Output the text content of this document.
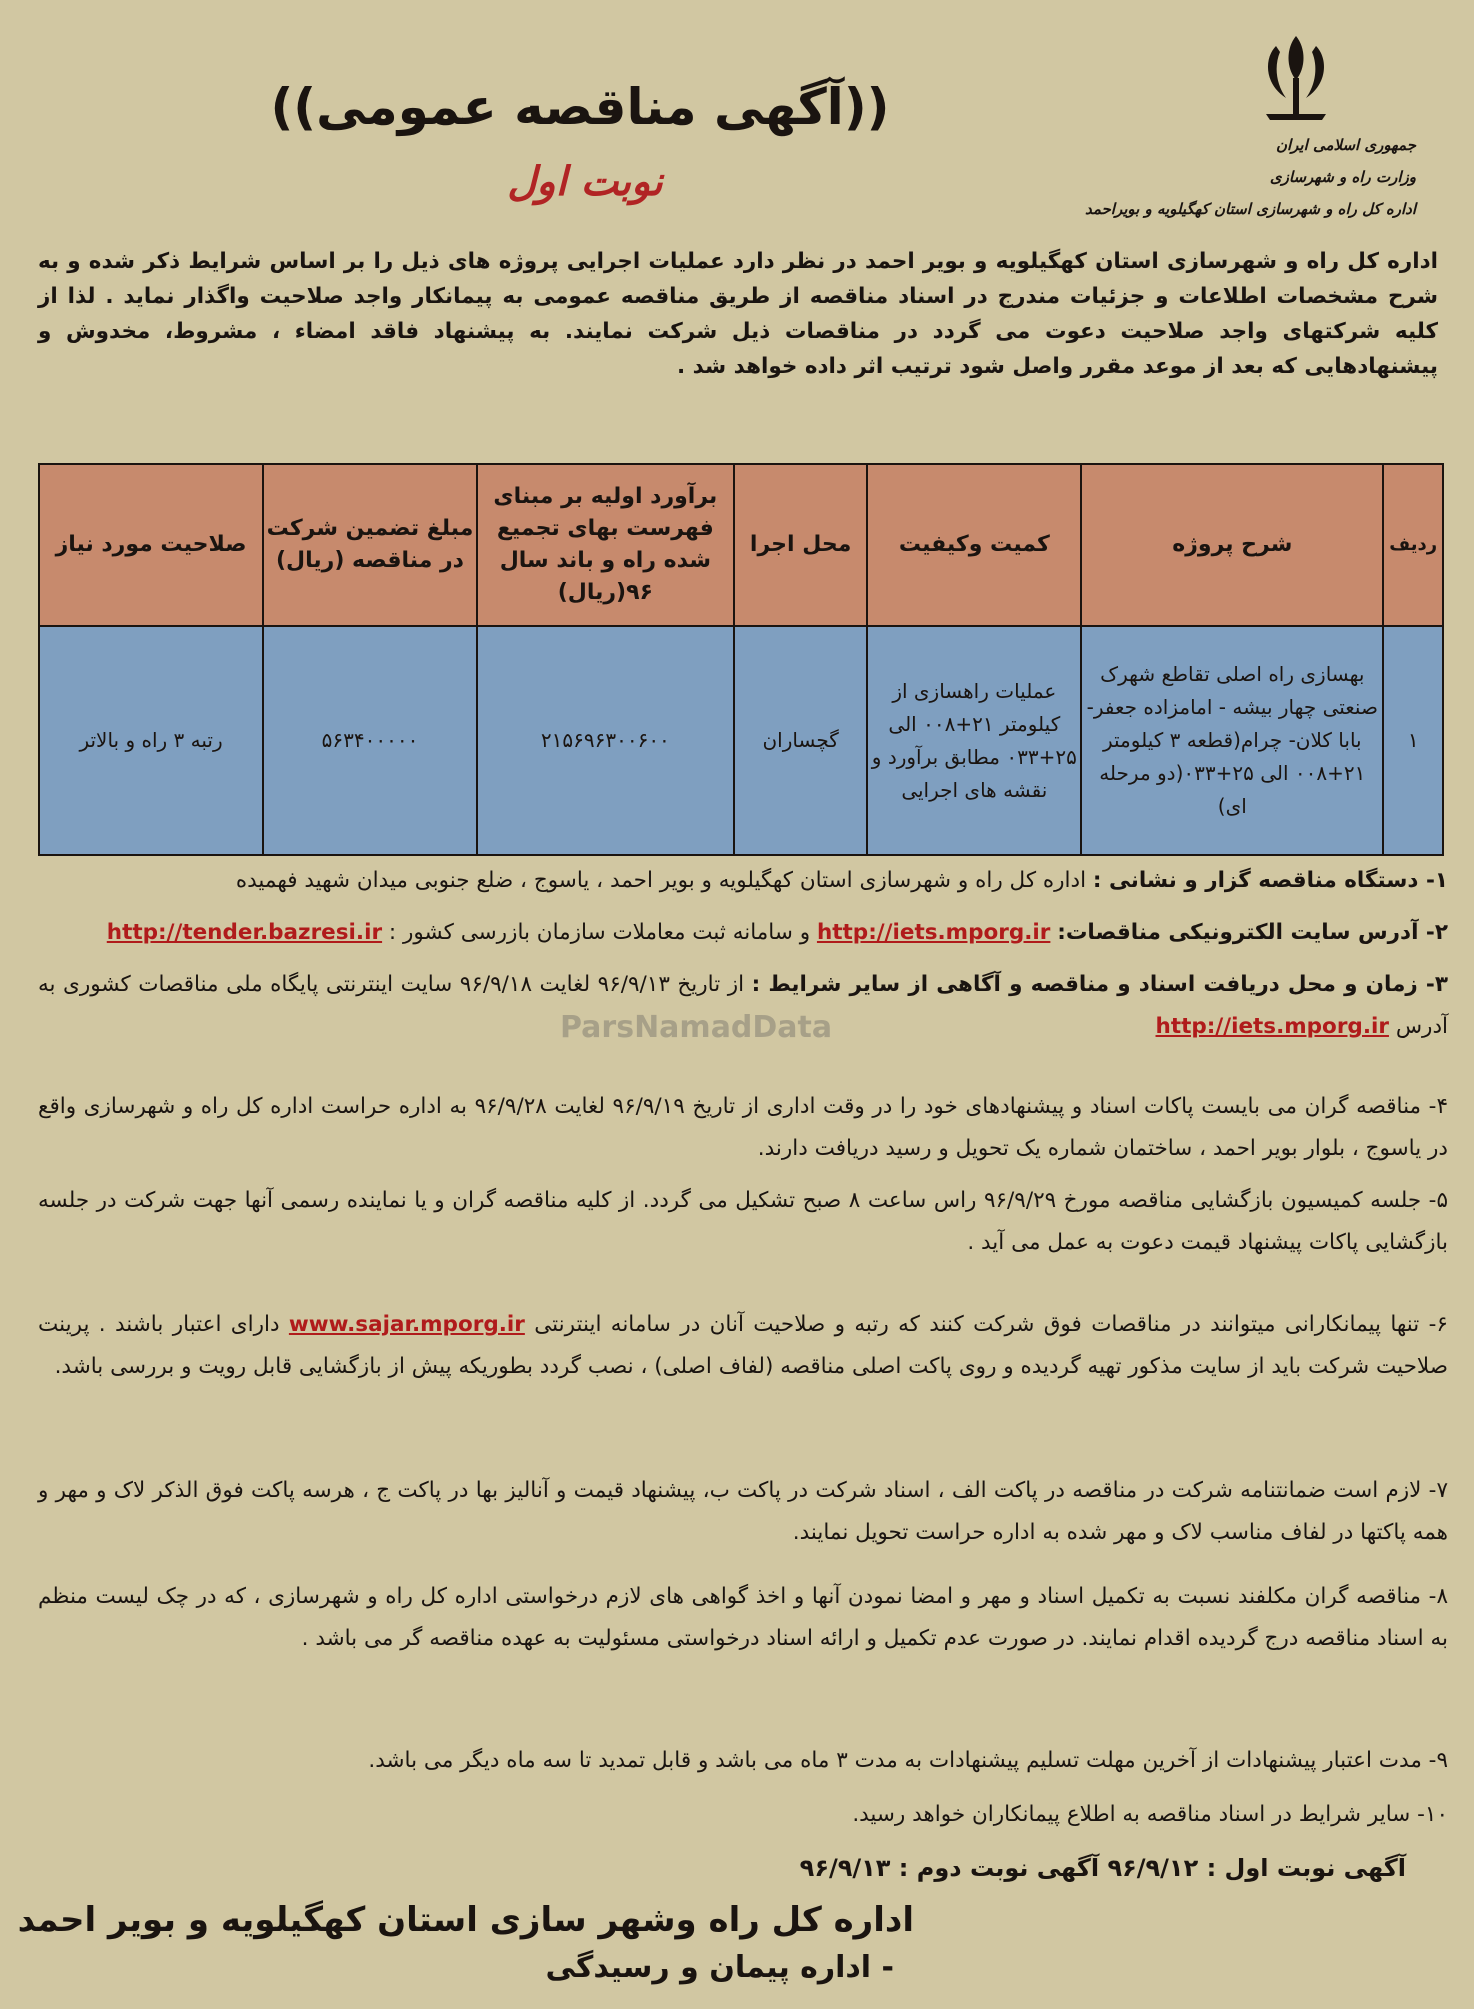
جمهوری اسلامی ایران
وزارت راه و شهرسازی
اداره کل راه و شهرسازی استان کهگیلویه و بویراحمد
((آگهی مناقصه عمومی))
نوبت اول
اداره کل راه و شهرسازی استان کهگیلویه و بویر احمد در نظر دارد عملیات اجرایی پروژه های ذیل را بر اساس شرایط ذکر شده و به شرح مشخصات اطلاعات و جزئیات مندرج در اسناد مناقصه از طریق مناقصه عمومی به پیمانکار واجد صلاحیت واگذار نماید . لذا از کلیه شرکتهای واجد صلاحیت دعوت می گردد در مناقصات ذیل شرکت نمایند. به پیشنهاد فاقد امضاء ، مشروط، مخدوش و پیشنهادهایی که بعد از موعد مقرر واصل شود ترتیب اثر داده خواهد شد .
ردیف	شرح پروژه	کمیت وکیفیت	محل اجرا	برآورد اولیه بر مبنای فهرست بهای تجمیع شده راه و باند سال ۹۶(ریال)	مبلغ تضمین شرکت در مناقصه (ریال)	صلاحیت مورد نیاز
۱	بهسازی راه اصلی تقاطع شهرک صنعتی چهار بیشه - امامزاده جعفر- بابا کلان- چرام(قطعه ۳ کیلومتر ۲۱+۰۰۸ الی ۲۵+۰۳۳(دو مرحله ای)	عملیات راهسازی از کیلومتر ۲۱+۰۰۸ الی ۲۵+۰۳۳ مطابق برآورد و نقشه های اجرایی	گچساران	۲۱۵۶۹۶۳۰۰۶۰۰	۵۶۳۴۰۰۰۰۰	رتبه ۳ راه و بالاتر
ParsNamadData
۱- دستگاه مناقصه گزار و نشانی : اداره کل راه و شهرسازی استان کهگیلویه و بویر احمد ، یاسوج ، ضلع جنوبی میدان شهید فهمیده
۲- آدرس سایت الکترونیکی مناقصات: http://iets.mporg.ir و سامانه ثبت معاملات سازمان بازرسی کشور : http://tender.bazresi.ir
۳- زمان و محل دریافت اسناد و مناقصه و آگاهی از سایر شرایط : از تاریخ ۹۶/۹/۱۳ لغایت ۹۶/۹/۱۸ سایت اینترنتی پایگاه ملی مناقصات کشوری به آدرس http://iets.mporg.ir
۴- مناقصه گران می بایست پاکات اسناد و پیشنهادهای خود را در وقت اداری از تاریخ ۹۶/۹/۱۹ لغایت ۹۶/۹/۲۸ به اداره حراست اداره کل راه و شهرسازی واقع در یاسوج ، بلوار بویر احمد ، ساختمان شماره یک تحویل و رسید دریافت دارند.
۵- جلسه کمیسیون بازگشایی مناقصه مورخ ۹۶/۹/۲۹ راس ساعت ۸ صبح تشکیل می گردد. از کلیه مناقصه گران و یا نماینده رسمی آنها جهت شرکت در جلسه بازگشایی پاکات پیشنهاد قیمت دعوت به عمل می آید .
۶- تنها پیمانکارانی میتوانند در مناقصات فوق شرکت کنند که رتبه و صلاحیت آنان در سامانه اینترنتی www.sajar.mporg.ir دارای اعتبار باشند . پرینت صلاحیت شرکت باید از سایت مذکور تهیه گردیده و روی پاکت اصلی مناقصه (لفاف اصلی) ، نصب گردد بطوریکه پیش از بازگشایی قابل رویت و بررسی باشد.
۷- لازم است ضمانتنامه شرکت در مناقصه در پاکت الف ، اسناد شرکت در پاکت ب، پیشنهاد قیمت و آنالیز بها در پاکت ج ، هرسه پاکت فوق الذکر لاک و مهر و همه پاکتها در لفاف مناسب لاک و مهر شده به اداره حراست تحویل نمایند.
۸- مناقصه گران مکلفند نسبت به تکمیل اسناد و مهر و امضا نمودن آنها و اخذ گواهی های لازم درخواستی اداره کل راه و شهرسازی ، که در چک لیست منظم به اسناد مناقصه درج گردیده اقدام نمایند. در صورت عدم تکمیل و ارائه اسناد درخواستی مسئولیت به عهده مناقصه گر می باشد .
۹- مدت اعتبار پیشنهادات از آخرین مهلت تسلیم پیشنهادات به مدت ۳ ماه می باشد و قابل تمدید تا سه ماه دیگر می باشد.
۱۰- سایر شرایط در اسناد مناقصه به اطلاع پیمانکاران خواهد رسید.
آگهی نوبت اول : ۹۶/۹/۱۲ آگهی نوبت دوم : ۹۶/۹/۱۳
اداره کل راه وشهر سازی استان کهگیلویه و بویر احمد
- اداره پیمان و رسیدگی
